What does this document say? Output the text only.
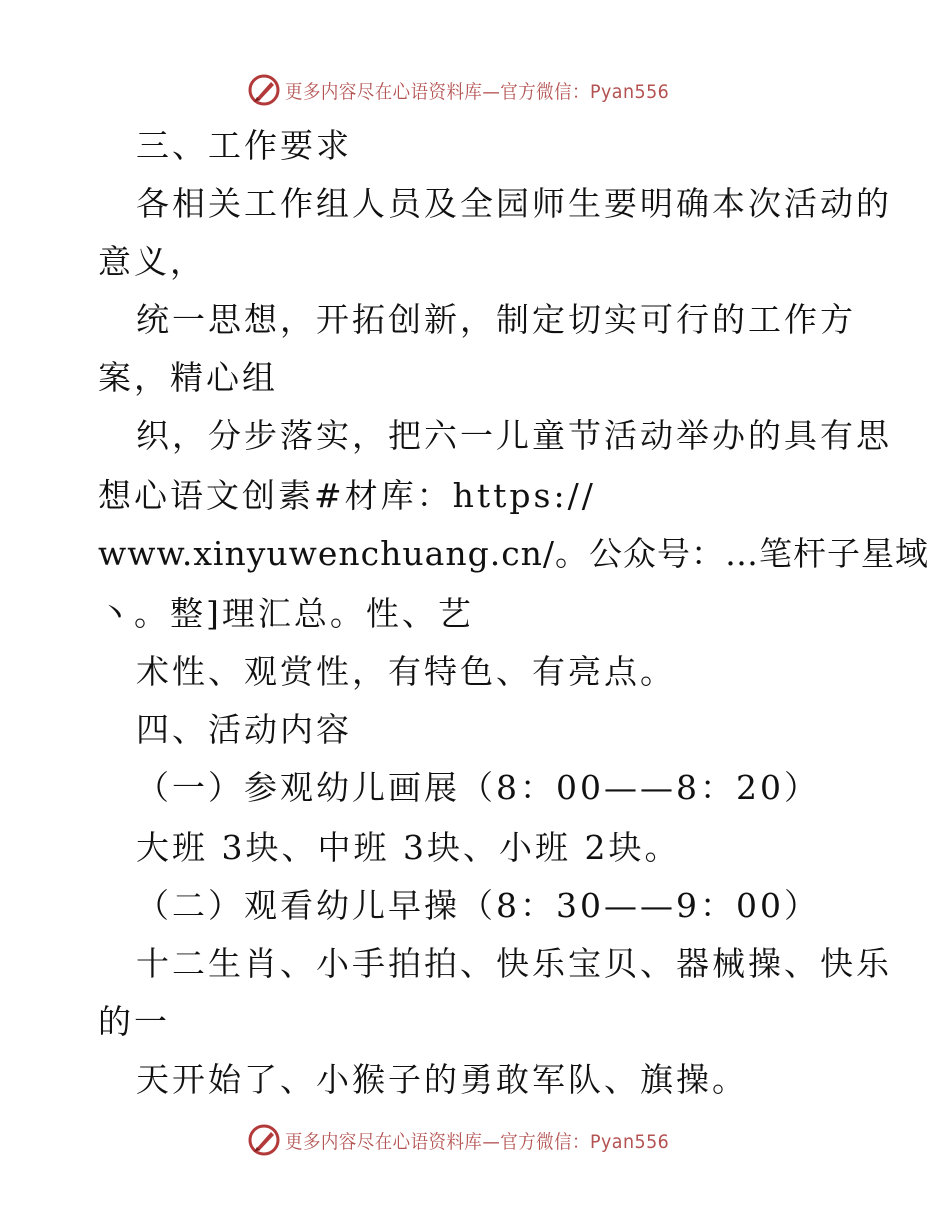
更多内容尽在心语资料库—官方微信：Pyan556
三、工作要求
各相关工作组人员及全园师生要明确本次活动的
意义，
统一思想，开拓创新，制定切实可行的工作方
案，精心组
织，分步落实，把六一儿童节活动举办的具有思
想心语文创素#材库：https://
www.xinyuwenchuang.cn/。公众号：…笔杆子星域
丶。整]理汇总。性、艺
术性、观赏性，有特色、有亮点。
四、活动内容
（一）参观幼儿画展（8：00——8：20）
大班 3块、中班 3块、小班 2块。
（二）观看幼儿早操（8：30——9：00）
十二生肖、小手拍拍、快乐宝贝、器械操、快乐
的一
天开始了、小猴子的勇敢军队、旗操。
更多内容尽在心语资料库—官方微信：Pyan556
